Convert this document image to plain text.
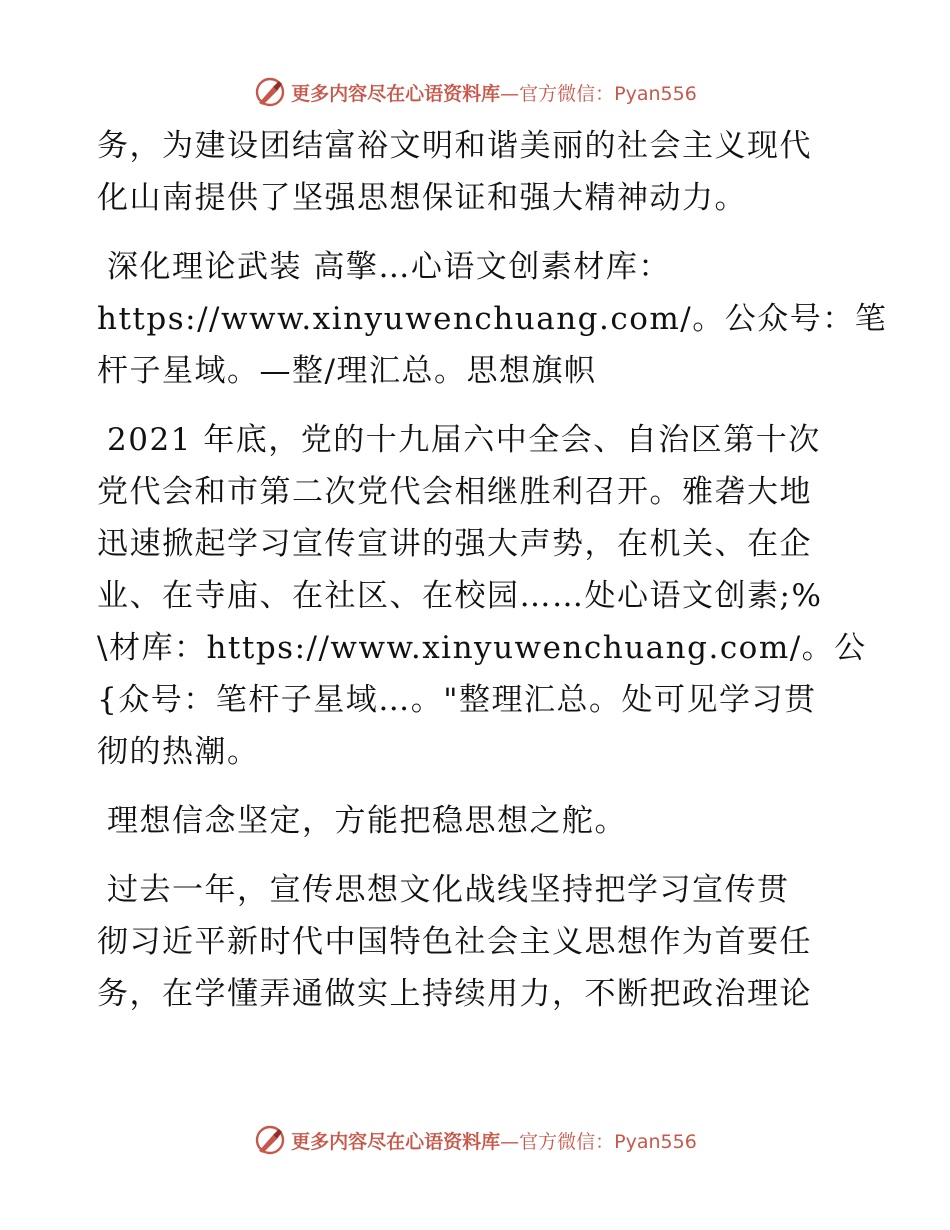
更多内容尽在心语资料库—官方微信：Pyan556
务，为建设团结富裕文明和谐美丽的社会主义现代
化山南提供了坚强思想保证和强大精神动力。
深化理论武装 高擎…心语文创素材库：
https://www.xinyuwenchuang.com/。公众号：笔
杆子星域。—整/理汇总。思想旗帜
2021 年底，党的十九届六中全会、自治区第十次
党代会和市第二次党代会相继胜利召开。雅砻大地
迅速掀起学习宣传宣讲的强大声势，在机关、在企
业、在寺庙、在社区、在校园……处心语文创素;%
\材库：https://www.xinyuwenchuang.com/。公
{众号：笔杆子星域…。"整理汇总。处可见学习贯
彻的热潮。
理想信念坚定，方能把稳思想之舵。
过去一年，宣传思想文化战线坚持把学习宣传贯
彻习近平新时代中国特色社会主义思想作为首要任
务，在学懂弄通做实上持续用力，不断把政治理论
更多内容尽在心语资料库—官方微信：Pyan556
